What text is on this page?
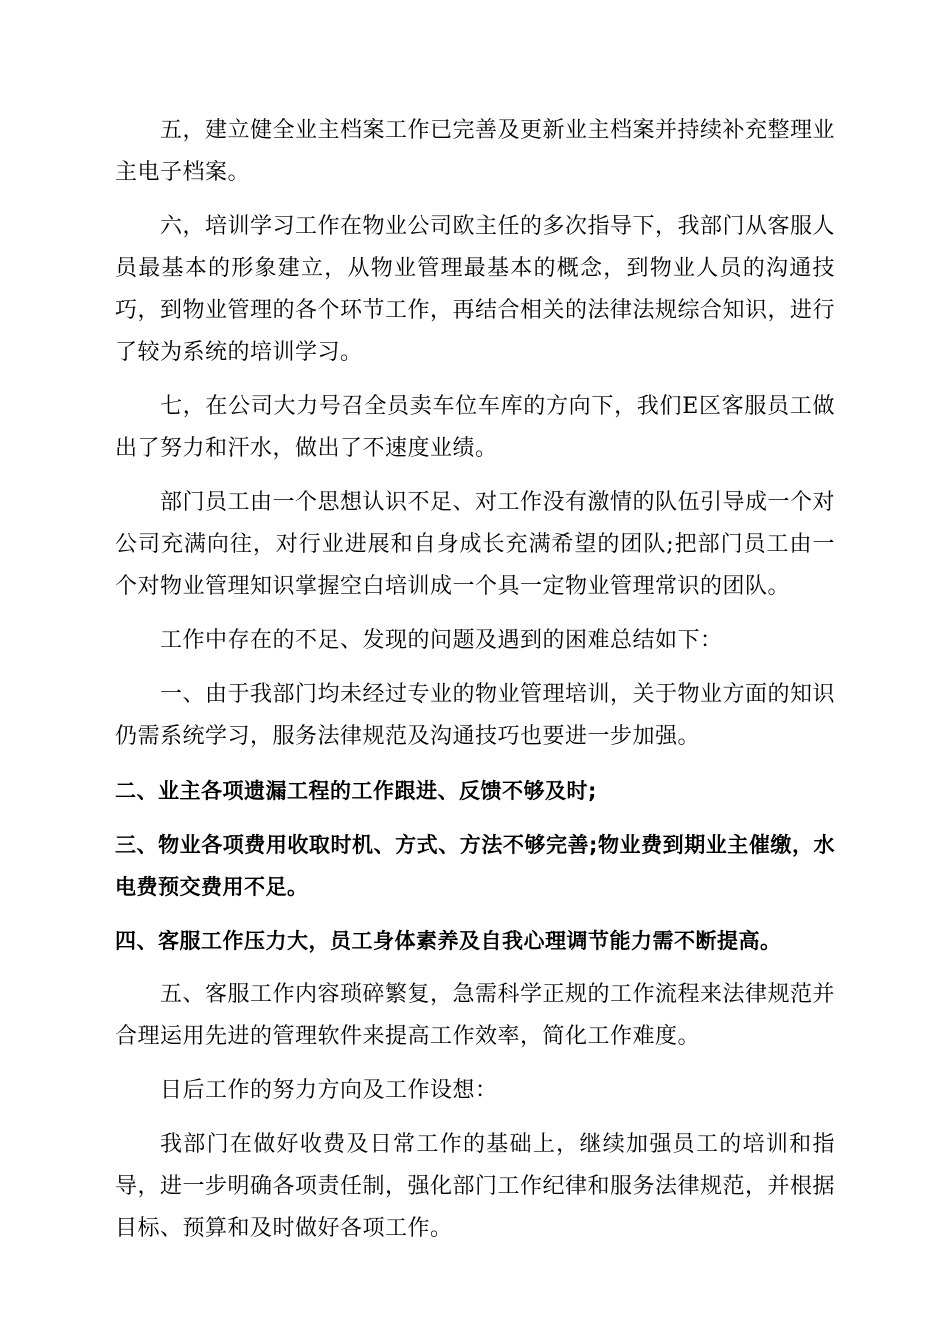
五，建立健全业主档案工作已完善及更新业主档案并持续补充整理业主电子档案。

六，培训学习工作在物业公司欧主任的多次指导下，我部门从客服人员最基本的形象建立，从物业管理最基本的概念，到物业人员的沟通技巧，到物业管理的各个环节工作，再结合相关的法律法规综合知识，进行了较为系统的培训学习。

七，在公司大力号召全员卖车位车库的方向下，我们E区客服员工做出了努力和汗水，做出了不速度业绩。

部门员工由一个思想认识不足、对工作没有激情的队伍引导成一个对公司充满向往，对行业进展和自身成长充满希望的团队;把部门员工由一个对物业管理知识掌握空白培训成一个具一定物业管理常识的团队。

工作中存在的不足、发现的问题及遇到的困难总结如下：

一、由于我部门均未经过专业的物业管理培训，关于物业方面的知识仍需系统学习，服务法律规范及沟通技巧也要进一步加强。

二、业主各项遗漏工程的工作跟进、反馈不够及时;

三、物业各项费用收取时机、方式、方法不够完善;物业费到期业主催缴，水电费预交费用不足。

四、客服工作压力大，员工身体素养及自我心理调节能力需不断提高。

五、客服工作内容琐碎繁复，急需科学正规的工作流程来法律规范并合理运用先进的管理软件来提高工作效率，简化工作难度。

日后工作的努力方向及工作设想：

我部门在做好收费及日常工作的基础上，继续加强员工的培训和指导，进一步明确各项责任制，强化部门工作纪律和服务法律规范，并根据目标、预算和及时做好各项工作。
